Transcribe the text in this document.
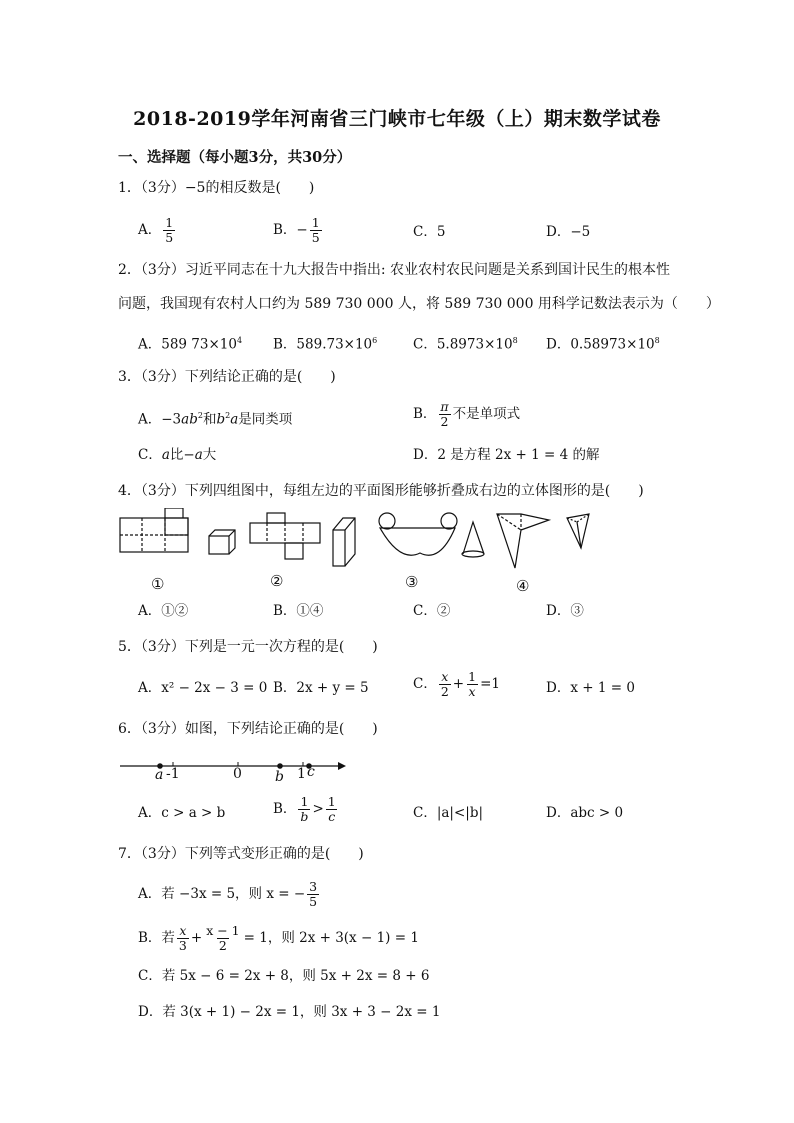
2018-2019学年河南省三门峡市七年级（上）期末数学试卷
一、选择题（每小题3分，共30分）
1．（3分）−5的相反数是(　　)
A． $\frac{1}{5}$	B．− $\frac{1}{5}$	C．5	D．−5
2．（3分）习近平同志在十九大报告中指出: 农业农村农民问题是关系到国计民生的根本性
问题，我国现有农村人口约为 589 730 000 人，将 589 730 000 用科学记数法表示为（　　）
A．589 $73\times 10^4$ B．$589.73\times 10^6$	C．$5.8973\times 10^8$ D．$0.58973\times 10^8$
3．（3分）下列结论正确的是(　　)
A．$-3ab^2$和$b^2a$是同类项	B． $\frac{\pi}{2}$ 不是单项式
C．a比−a大	D．2 是方程 2x + 1 = 4 的解
4．（3分）下列四组图中，每组左边的平面图形能够折叠成右边的立体图形的是(　　)
①	②	③	④
A．①②	B．①④	C．②	D．③
5．（3分）下列是一元一次方程的是(　　)
A．x² − 2x − 3 = 0 B．2x + y = 5	C． $\frac{x}{2} + \frac{1}{x} =1$	D．x + 1 = 0
6．（3分）如图，下列结论正确的是(　　)
a -1	0 b 1 c
A．c > a > b	B． $\frac{1}{b} > \frac{1}{c}$	C．|a|<|b|	D．abc > 0
7．（3分）下列等式变形正确的是(　　)
A．若 −3x = 5，则 x = − $\frac{3}{5}$
B．若 $\frac{x}{3} + \frac{x - 1}{2} = 1$，则 2x + 3(x − 1) = 1
C．若 5x − 6 = 2x + 8，则 5x + 2x = 8 + 6
D．若 3(x + 1) − 2x = 1，则 3x + 3 − 2x = 1
